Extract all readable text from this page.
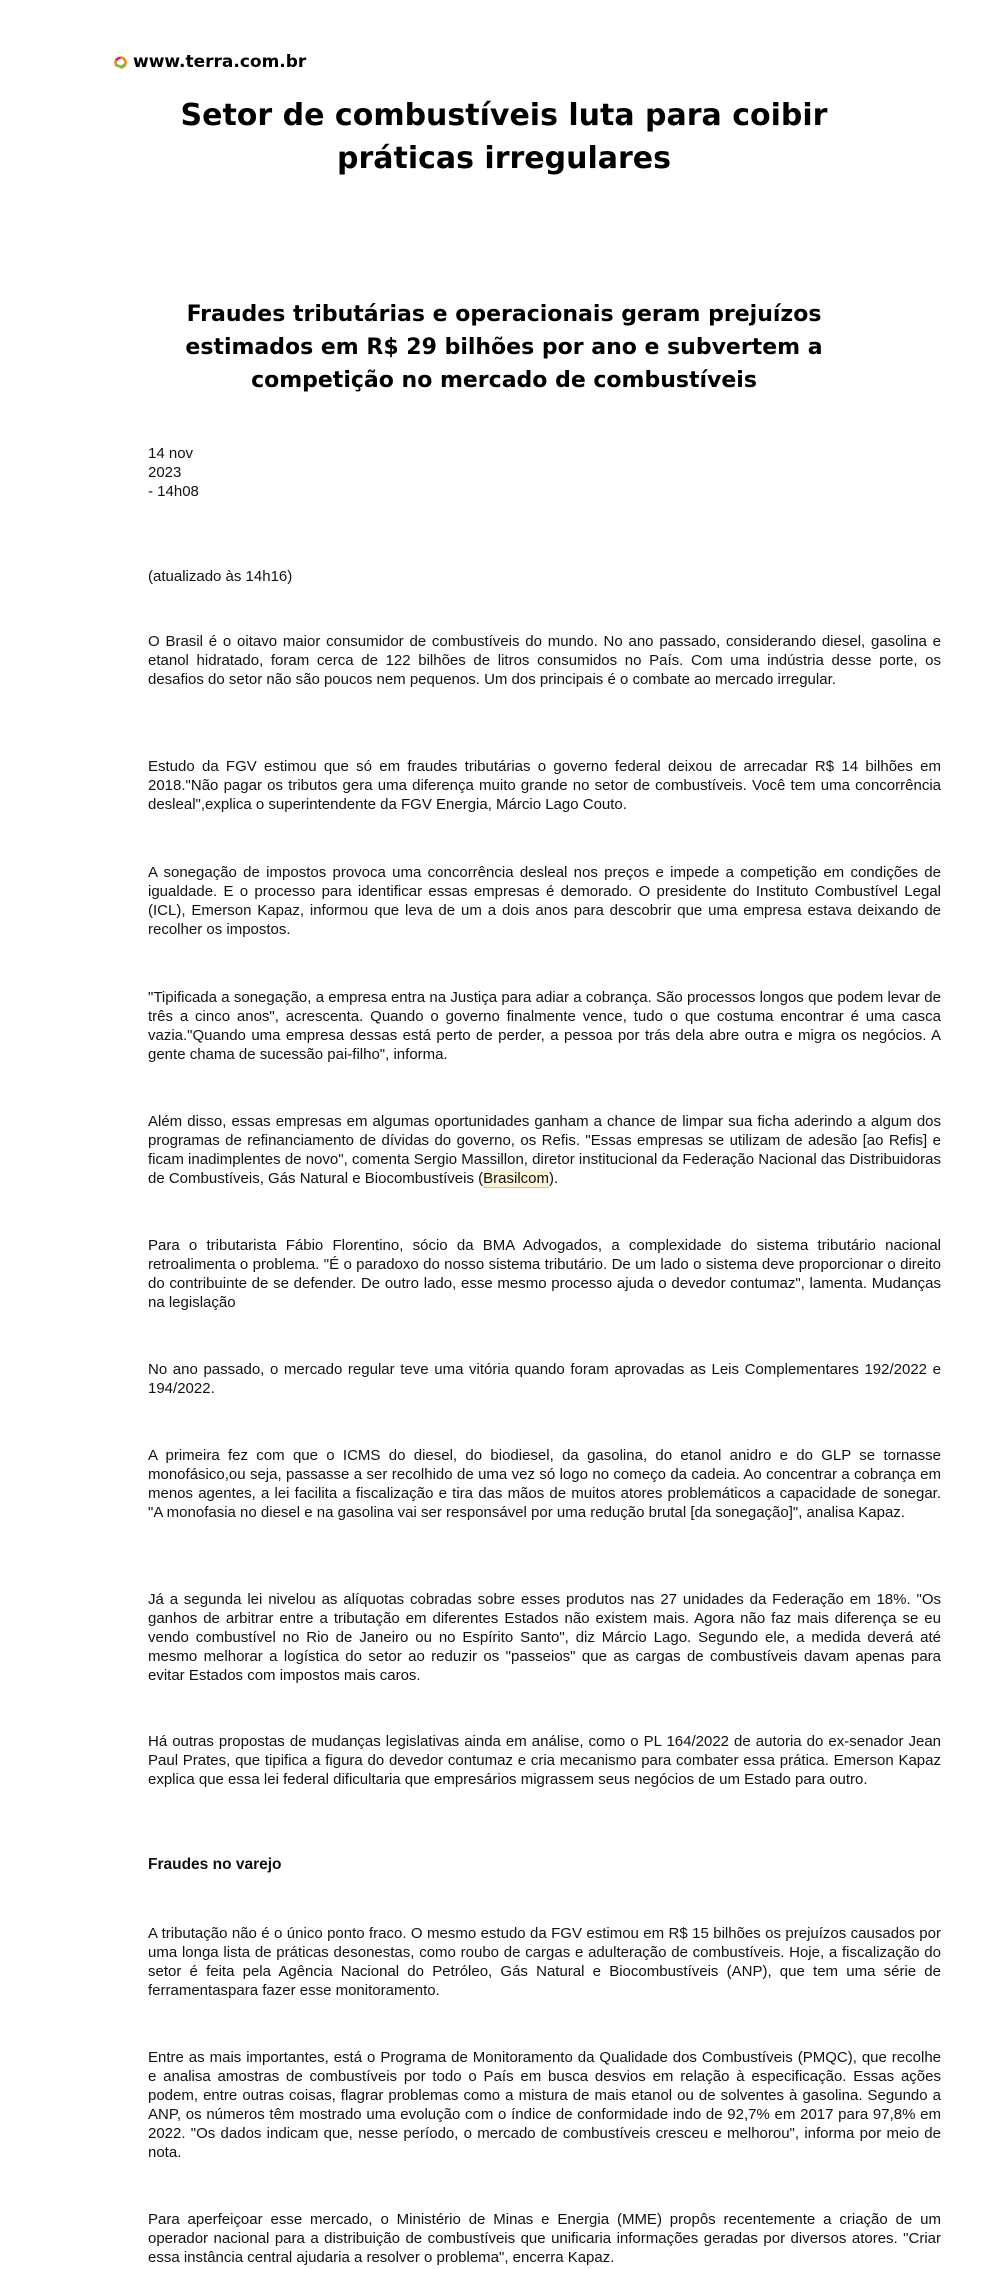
www.terra.com.br
Setor de combustíveis luta para coibir práticas irregulares
Fraudes tributárias e operacionais geram prejuízos estimados em R$ 29 bilhões por ano e subvertem a competição no mercado de combustíveis
14 nov
2023
- 14h08
(atualizado às 14h16)

O Brasil é o oitavo maior consumidor de combustíveis do mundo. No ano passado, considerando diesel, gasolina e etanol hidratado, foram cerca de 122 bilhões de litros consumidos no País. Com uma indústria desse porte, os desafios do setor não são poucos nem pequenos. Um dos principais é o combate ao mercado irregular.

Estudo da FGV estimou que só em fraudes tributárias o governo federal deixou de arrecadar R$ 14 bilhões em 2018."Não pagar os tributos gera uma diferença muito grande no setor de combustíveis. Você tem uma concorrência desleal",explica o superintendente da FGV Energia, Márcio Lago Couto.

A sonegação de impostos provoca uma concorrência desleal nos preços e impede a competição em condições de igualdade. E o processo para identificar essas empresas é demorado. O presidente do Instituto Combustível Legal (ICL), Emerson Kapaz, informou que leva de um a dois anos para descobrir que uma empresa estava deixando de recolher os impostos.

"Tipificada a sonegação, a empresa entra na Justiça para adiar a cobrança. São processos longos que podem levar de três a cinco anos", acrescenta. Quando o governo finalmente vence, tudo o que costuma encontrar é uma casca vazia."Quando uma empresa dessas está perto de perder, a pessoa por trás dela abre outra e migra os negócios. A gente chama de sucessão pai-filho", informa.

Além disso, essas empresas em algumas oportunidades ganham a chance de limpar sua ficha aderindo a algum dos programas de refinanciamento de dívidas do governo, os Refis. "Essas empresas se utilizam de adesão [ao Refis] e ficam inadimplentes de novo", comenta Sergio Massillon, diretor institucional da Federação Nacional das Distribuidoras de Combustíveis, Gás Natural e Biocombustíveis (Brasilcom).

Para o tributarista Fábio Florentino, sócio da BMA Advogados, a complexidade do sistema tributário nacional retroalimenta o problema. "É o paradoxo do nosso sistema tributário. De um lado o sistema deve proporcionar o direito do contribuinte de se defender. De outro lado, esse mesmo processo ajuda o devedor contumaz", lamenta. Mudanças na legislação

No ano passado, o mercado regular teve uma vitória quando foram aprovadas as Leis Complementares 192/2022 e 194/2022.

A primeira fez com que o ICMS do diesel, do biodiesel, da gasolina, do etanol anidro e do GLP se tornasse monofásico,ou seja, passasse a ser recolhido de uma vez só logo no começo da cadeia. Ao concentrar a cobrança em menos agentes, a lei facilita a fiscalização e tira das mãos de muitos atores problemáticos a capacidade de sonegar. "A monofasia no diesel e na gasolina vai ser responsável por uma redução brutal [da sonegação]", analisa Kapaz.

Já a segunda lei nivelou as alíquotas cobradas sobre esses produtos nas 27 unidades da Federação em 18%. "Os ganhos de arbitrar entre a tributação em diferentes Estados não existem mais. Agora não faz mais diferença se eu vendo combustível no Rio de Janeiro ou no Espírito Santo", diz Márcio Lago. Segundo ele, a medida deverá até mesmo melhorar a logística do setor ao reduzir os "passeios" que as cargas de combustíveis davam apenas para evitar Estados com impostos mais caros.

Há outras propostas de mudanças legislativas ainda em análise, como o PL 164/2022 de autoria do ex-senador Jean Paul Prates, que tipifica a figura do devedor contumaz e cria mecanismo para combater essa prática. Emerson Kapaz explica que essa lei federal dificultaria que empresários migrassem seus negócios de um Estado para outro.

Fraudes no varejo

A tributação não é o único ponto fraco. O mesmo estudo da FGV estimou em R$ 15 bilhões os prejuízos causados por uma longa lista de práticas desonestas, como roubo de cargas e adulteração de combustíveis. Hoje, a fiscalização do setor é feita pela Agência Nacional do Petróleo, Gás Natural e Biocombustíveis (ANP), que tem uma série de ferramentaspara fazer esse monitoramento.

Entre as mais importantes, está o Programa de Monitoramento da Qualidade dos Combustíveis (PMQC), que recolhe e analisa amostras de combustíveis por todo o País em busca desvios em relação à especificação. Essas ações podem, entre outras coisas, flagrar problemas como a mistura de mais etanol ou de solventes à gasolina. Segundo a ANP, os números têm mostrado uma evolução com o índice de conformidade indo de 92,7% em 2017 para 97,8% em 2022. "Os dados indicam que, nesse período, o mercado de combustíveis cresceu e melhorou", informa por meio de nota.

Para aperfeiçoar esse mercado, o Ministério de Minas e Energia (MME) propôs recentemente a criação de um operador nacional para a distribuição de combustíveis que unificaria informações geradas por diversos atores. "Criar essa instância central ajudaria a resolver o problema", encerra Kapaz.
